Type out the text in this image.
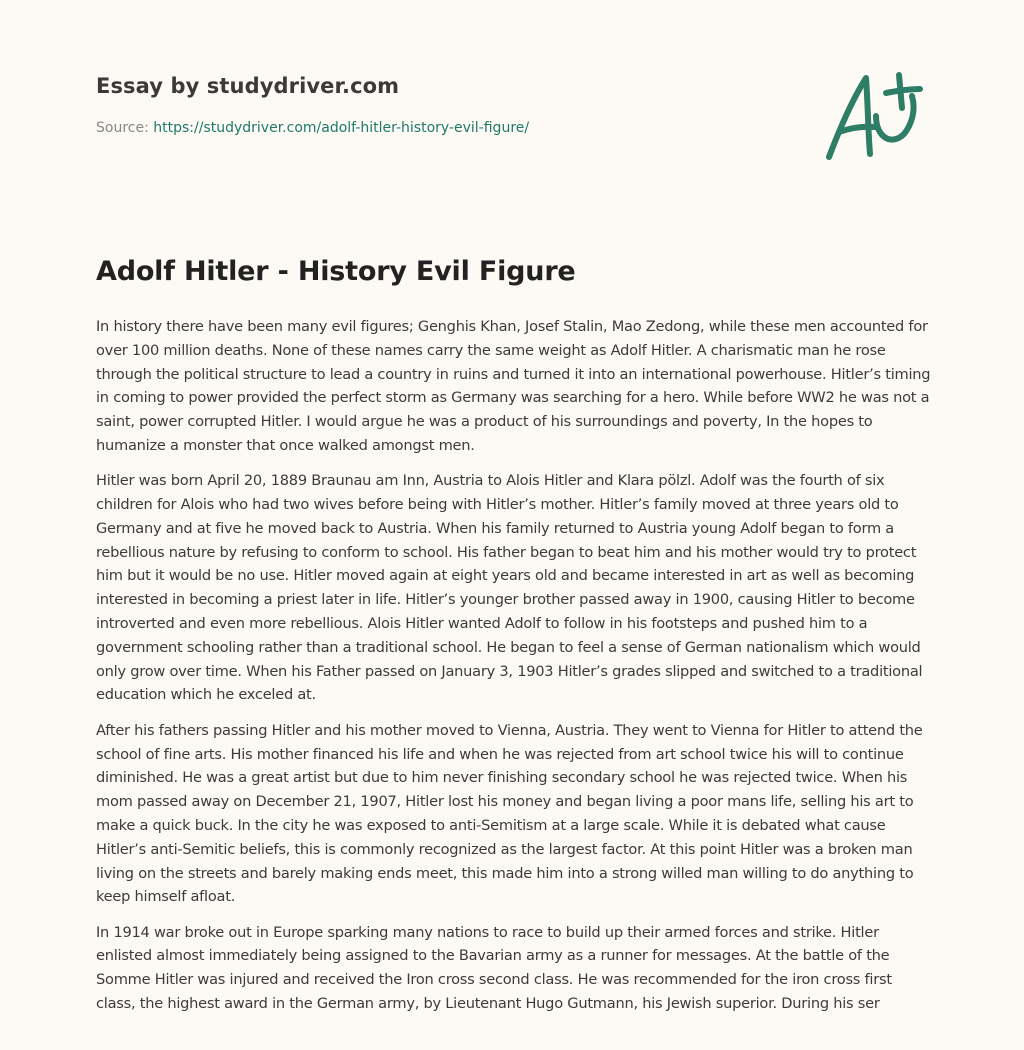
Essay by studydriver.com
Source: https://studydriver.com/adolf-hitler-history-evil-figure/
Adolf Hitler - History Evil Figure

In history there have been many evil figures; Genghis Khan, Josef Stalin, Mao Zedong, while these men accounted for over 100 million deaths. None of these names carry the same weight as Adolf Hitler. A charismatic man he rose through the political structure to lead a country in ruins and turned it into an international powerhouse. Hitler’s timing in coming to power provided the perfect storm as Germany was searching for a hero. While before WW2 he was not a saint, power corrupted Hitler. I would argue he was a product of his surroundings and poverty, In the hopes to humanize a monster that once walked amongst men.

Hitler was born April 20, 1889 Braunau am Inn, Austria to Alois Hitler and Klara pölzl. Adolf was the fourth of six children for Alois who had two wives before being with Hitler’s mother. Hitler’s family moved at three years old to Germany and at five he moved back to Austria. When his family returned to Austria young Adolf began to form a rebellious nature by refusing to conform to school. His father began to beat him and his mother would try to protect him but it would be no use. Hitler moved again at eight years old and became interested in art as well as becoming interested in becoming a priest later in life. Hitler’s younger brother passed away in 1900, causing Hitler to become introverted and even more rebellious. Alois Hitler wanted Adolf to follow in his footsteps and pushed him to a government schooling rather than a traditional school. He began to feel a sense of German nationalism which would only grow over time. When his Father passed on January 3, 1903 Hitler’s grades slipped and switched to a traditional education which he exceled at.

After his fathers passing Hitler and his mother moved to Vienna, Austria. They went to Vienna for Hitler to attend the school of fine arts. His mother financed his life and when he was rejected from art school twice his will to continue diminished. He was a great artist but due to him never finishing secondary school he was rejected twice. When his mom passed away on December 21, 1907, Hitler lost his money and began living a poor mans life, selling his art to make a quick buck. In the city he was exposed to anti-Semitism at a large scale. While it is debated what cause Hitler’s anti-Semitic beliefs, this is commonly recognized as the largest factor. At this point Hitler was a broken man living on the streets and barely making ends meet, this made him into a strong willed man willing to do anything to keep himself afloat.

In 1914 war broke out in Europe sparking many nations to race to build up their armed forces and strike. Hitler enlisted almost immediately being assigned to the Bavarian army as a runner for messages. At the battle of the Somme Hitler was injured and received the Iron cross second class. He was recommended for the iron cross first class, the highest award in the German army, by Lieutenant Hugo Gutmann, his Jewish superior. During his ser
